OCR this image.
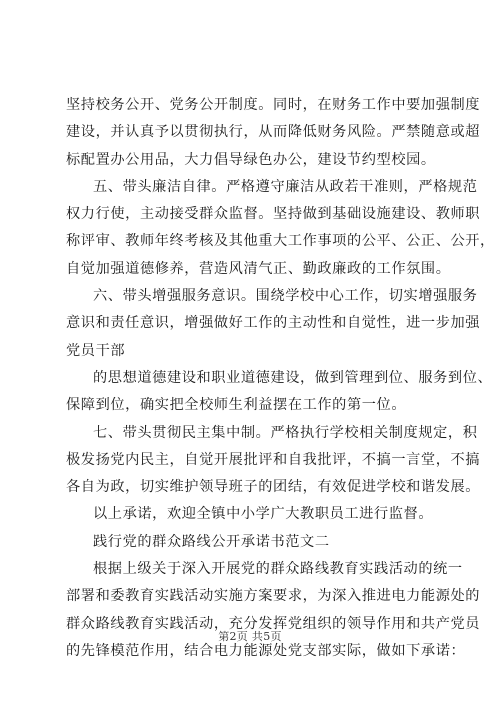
坚持校务公开、党务公开制度。同时，在财务工作中要加强制度
建设，并认真予以贯彻执行，从而降低财务风险。严禁随意或超
标配置办公用品，大力倡导绿色办公，建设节约型校园。
五、带头廉洁自律。严格遵守廉洁从政若干准则，严格规范
权力行使，主动接受群众监督。坚持做到基础设施建设、教师职
称评审、教师年终考核及其他重大工作事项的公平、公正、公开，
自觉加强道德修养，营造风清气正、勤政廉政的工作氛围。
六、带头增强服务意识。围绕学校中心工作，切实增强服务
意识和责任意识，增强做好工作的主动性和自觉性，进一步加强
党员干部
的思想道德建设和职业道德建设，做到管理到位、服务到位、
保障到位，确实把全校师生利益摆在工作的第一位。
七、带头贯彻民主集中制。严格执行学校相关制度规定，积
极发扬党内民主，自觉开展批评和自我批评，不搞一言堂，不搞
各自为政，切实维护领导班子的团结，有效促进学校和谐发展。
以上承诺，欢迎全镇中小学广大教职员工进行监督。
践行党的群众路线公开承诺书范文二
根据上级关于深入开展党的群众路线教育实践活动的统一
部署和委教育实践活动实施方案要求，为深入推进电力能源处的
群众路线教育实践活动，充分发挥党组织的领导作用和共产党员
的先锋模范作用，结合电力能源处党支部实际，做如下承诺：
第2页 共5页
